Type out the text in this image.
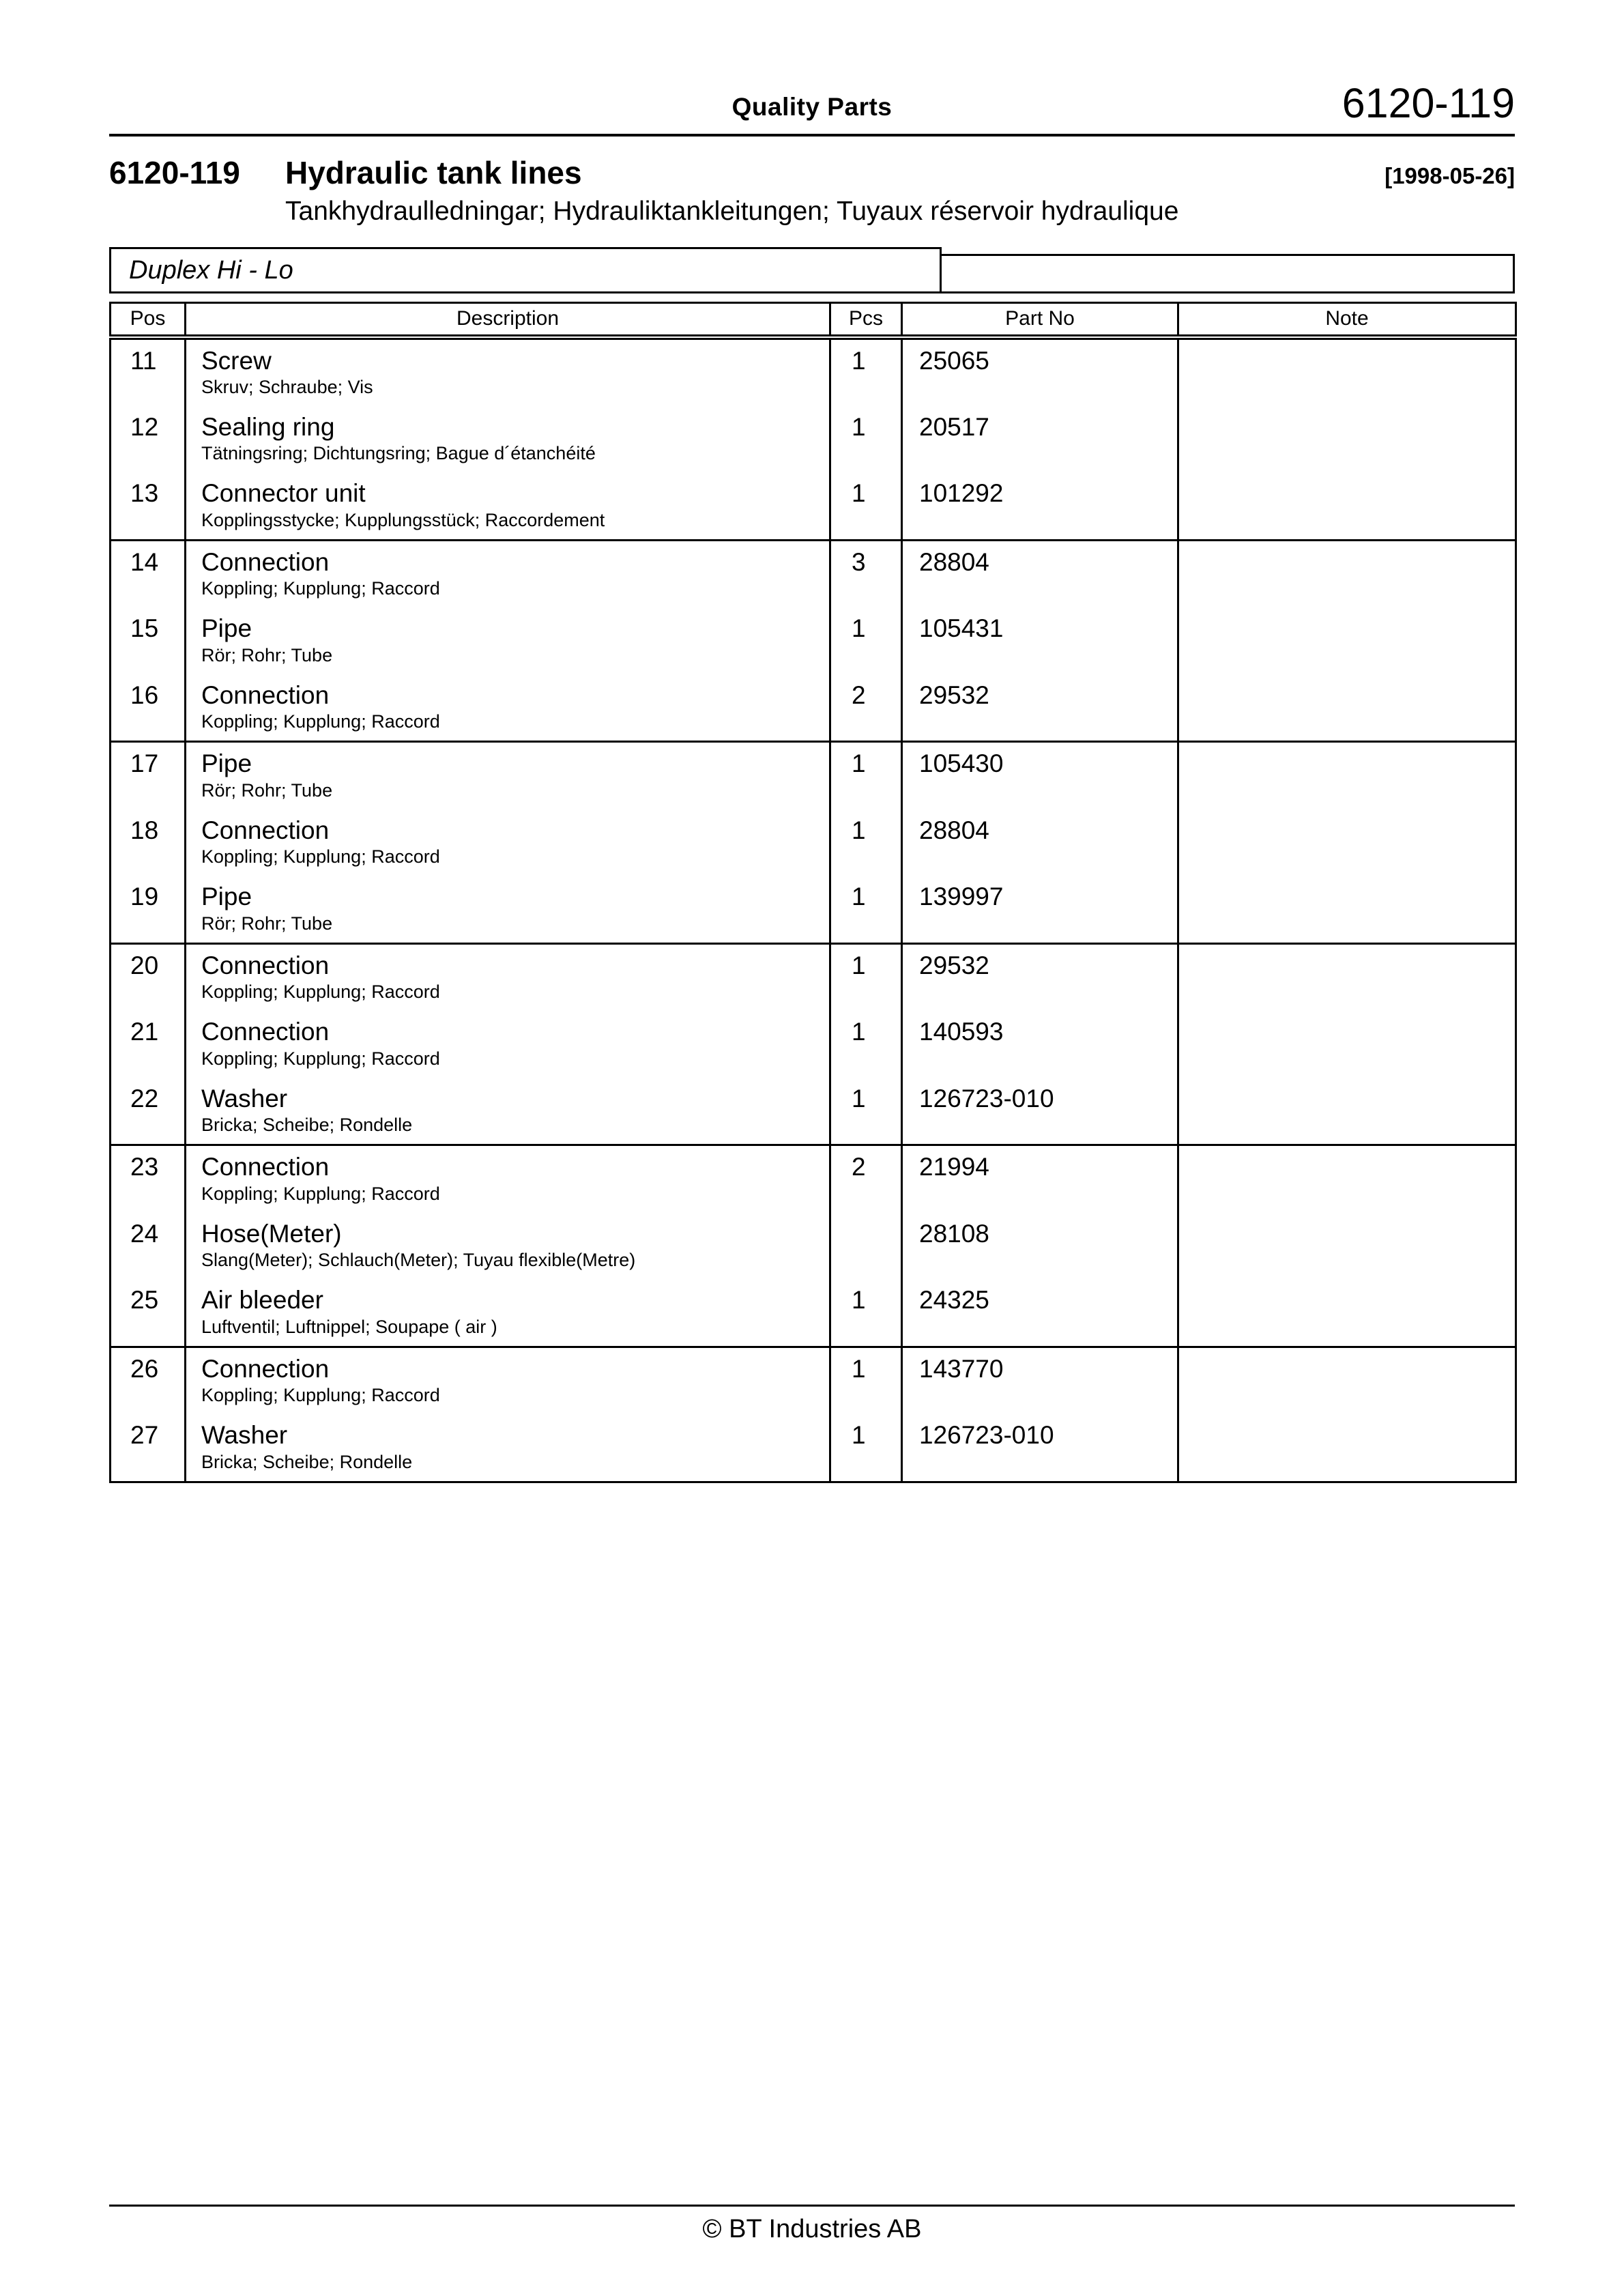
Quality Parts	6120-119
6120-119	Hydraulic tank lines	[1998-05-26]
Tankhydraulledningar; Hydrauliktankleitungen; Tuyaux réservoir hydraulique
Duplex Hi - Lo
Pos	Description	Pcs	Part No	Note
11	Screw
Skruv; Schraube; Vis	1	25065	
12	Sealing ring
Tätningsring; Dichtungsring; Bague d´étanchéité	1	20517	
13	Connector unit
Kopplingsstycke; Kupplungsstück; Raccordement	1	101292	
14	Connection
Koppling; Kupplung; Raccord	3	28804	
15	Pipe
Rör; Rohr; Tube	1	105431	
16	Connection
Koppling; Kupplung; Raccord	2	29532	
17	Pipe
Rör; Rohr; Tube	1	105430	
18	Connection
Koppling; Kupplung; Raccord	1	28804	
19	Pipe
Rör; Rohr; Tube	1	139997	
20	Connection
Koppling; Kupplung; Raccord	1	29532	
21	Connection
Koppling; Kupplung; Raccord	1	140593	
22	Washer
Bricka; Scheibe; Rondelle	1	126723-010	
23	Connection
Koppling; Kupplung; Raccord	2	21994	
24	Hose(Meter)
Slang(Meter); Schlauch(Meter); Tuyau flexible(Metre)		28108	
25	Air bleeder
Luftventil; Luftnippel; Soupape ( air )	1	24325	
26	Connection
Koppling; Kupplung; Raccord	1	143770	
27	Washer
Bricka; Scheibe; Rondelle	1	126723-010	
© BT Industries AB
